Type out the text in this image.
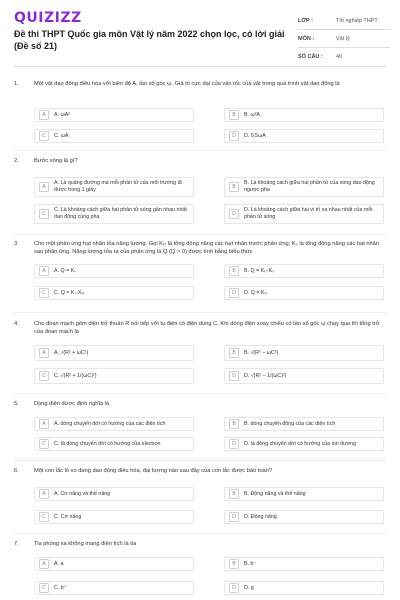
QUIZIZZ
Đề thi THPT Quốc gia môn Vật lý năm 2022 chọn lọc, có lời giải (Đề số 21)
LỚP :	Tốt nghiệp THPT
MÔN :	Vật lý
SỐ CÂU :	40
1.	Một vật dao động điều hòa với biên độ A, tần số góc ω. Giá trị cực đại của vận tốc của vật trong quá trình vật dao động là
A	A. ωA²	B	B. ω²A
C	C. ωA	D	D. 0,5ωA
2.	Bước sóng là gì?
A
A. Là quãng đường mà mỗi phần tử của môi trường đi được trong 1 giây
B
B. Là khoảng cách giữa hai phần tử của sóng dao động ngược pha
C
C. Là khoảng cách giữa hai phần tử sóng gần nhau nhất dao động cùng pha
D
D. Là khoảng cách giữa hai vị trí xa nhau nhất của mỗi phần tử sóng
3.	Cho một phản ứng hạt nhân tỏa năng lượng. Gọi Kₜᵣ là tổng động năng các hạt nhân trước phản ứng; Kₛ là tổng động năng các hạt nhân sau phản ứng. Năng lượng tỏa ra của phản ứng là Q (Q > 0) được tính bằng biểu thức
A	A. Q = Kₛ	B	B. Q = Kₜᵣ·Kₛ
C	C. Q = Kₛ·Kₜᵣ	D	D. Q = Kₜᵣ
4.	Cho đoạn mạch gồm điện trở thuần R nối tiếp với tụ điện có điện dung C. Khi dòng điện xoay chiều có tần số góc ω chạy qua thì tổng trở của đoạn mạch là
A	A. √(R² + ωC²)	B	B. √(R² − ωC²)
C	C. √(R² + 1/(ωC)²)	D	D. √(R² − 1/(ωC)²)
5.	Dòng điện được định nghĩa là
A	A. dòng chuyển dời có hướng của các điện tích	B	B. dòng chuyển động của các điện tích
C	C. là dòng chuyển dời có hướng của electron	D	D. là dòng chuyển dời có hướng của ion dương
6.	Một con lắc lò xo đang dao động điều hòa, đại lượng nào sau đây của con lắc được bảo toàn?
A	A. Cơ năng và thế năng	B	B. Động năng và thế năng
C	C. Cơ năng	D	D. Động năng
7.	Tia phóng xạ không mang điện tích là tia
A	A. a	B	B. b⁻
C	C. b⁺	D	D. g
